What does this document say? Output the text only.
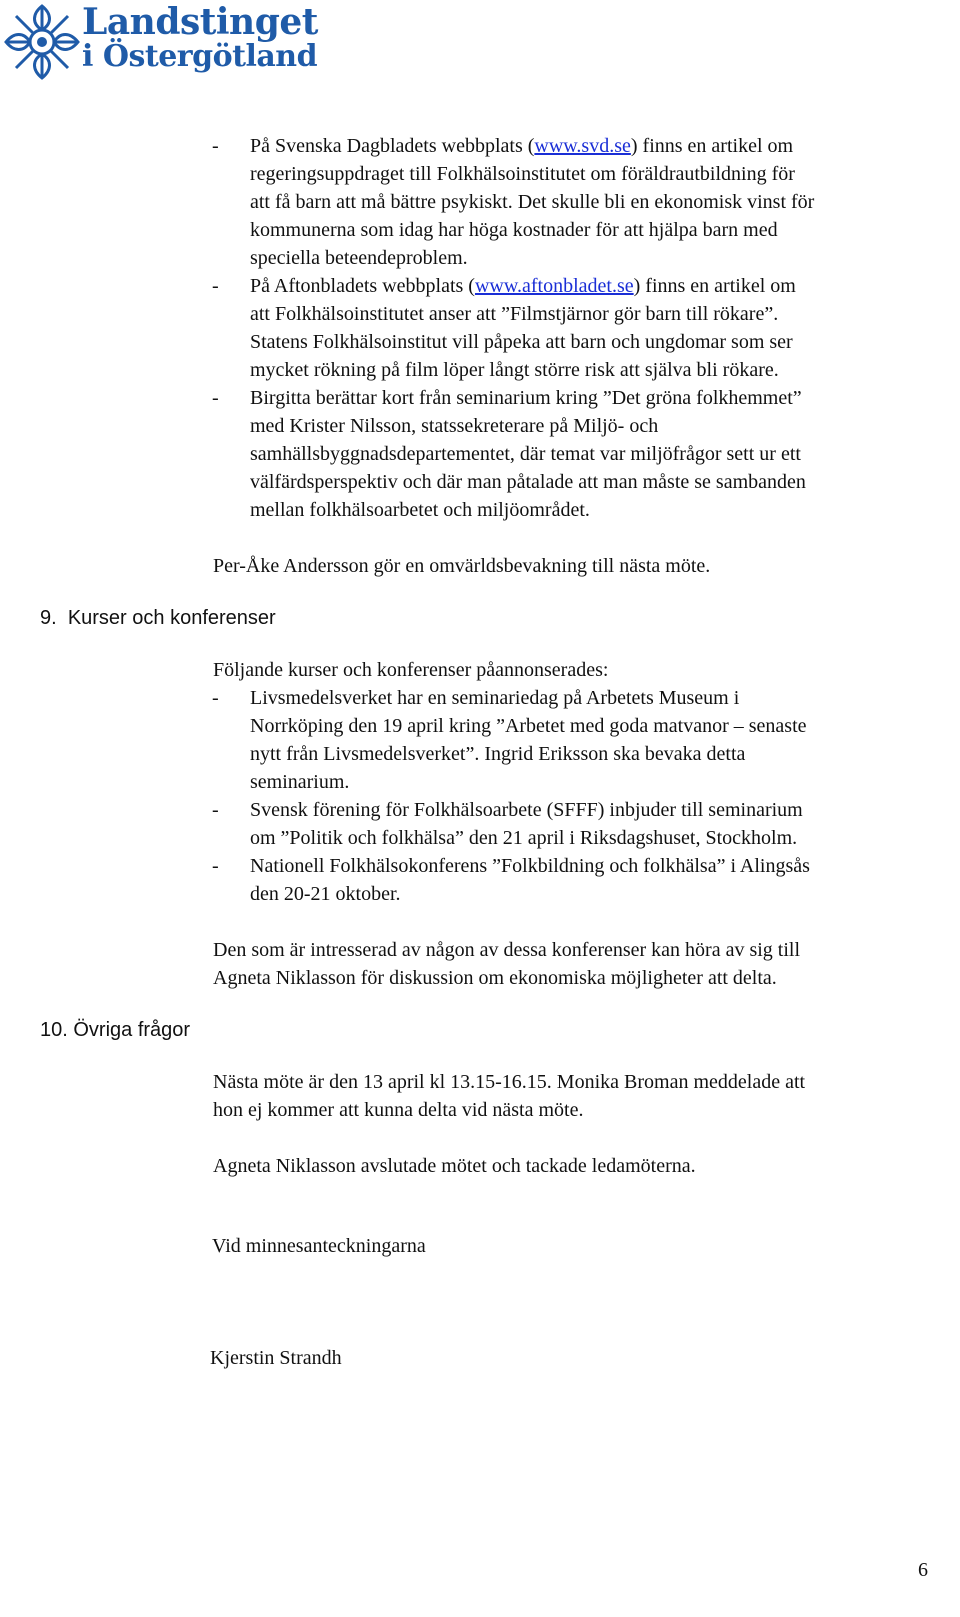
Landstinget
i Östergötland
- På Svenska Dagbladets webbplats (www.svd.se) finns en artikel om
regeringsuppdraget till Folkhälsoinstitutet om föräldrautbildning för
att få barn att må bättre psykiskt. Det skulle bli en ekonomisk vinst för
kommunerna som idag har höga kostnader för att hjälpa barn med
speciella beteendeproblem.
- På Aftonbladets webbplats (www.aftonbladet.se) finns en artikel om
att Folkhälsoinstitutet anser att ”Filmstjärnor gör barn till rökare”.
Statens Folkhälsoinstitut vill påpeka att barn och ungdomar som ser
mycket rökning på film löper långt större risk att själva bli rökare.
- Birgitta berättar kort från seminarium kring ”Det gröna folkhemmet”
med Krister Nilsson, statssekreterare på Miljö- och
samhällsbyggnadsdepartementet, där temat var miljöfrågor sett ur ett
välfärdsperspektiv och där man påtalade att man måste se sambanden
mellan folkhälsoarbetet och miljöområdet.
Per-Åke Andersson gör en omvärldsbevakning till nästa möte.
9. Kurser och konferenser
Följande kurser och konferenser påannonserades:
- Livsmedelsverket har en seminariedag på Arbetets Museum i
Norrköping den 19 april kring ”Arbetet med goda matvanor – senaste
nytt från Livsmedelsverket”. Ingrid Eriksson ska bevaka detta
seminarium.
- Svensk förening för Folkhälsoarbete (SFFF) inbjuder till seminarium
om ”Politik och folkhälsa” den 21 april i Riksdagshuset, Stockholm.
- Nationell Folkhälsokonferens ”Folkbildning och folkhälsa” i Alingsås
den 20-21 oktober.
Den som är intresserad av någon av dessa konferenser kan höra av sig till
Agneta Niklasson för diskussion om ekonomiska möjligheter att delta.
10. Övriga frågor
Nästa möte är den 13 april kl 13.15-16.15. Monika Broman meddelade att
hon ej kommer att kunna delta vid nästa möte.
Agneta Niklasson avslutade mötet och tackade ledamöterna.
Vid minnesanteckningarna
Kjerstin Strandh
6
